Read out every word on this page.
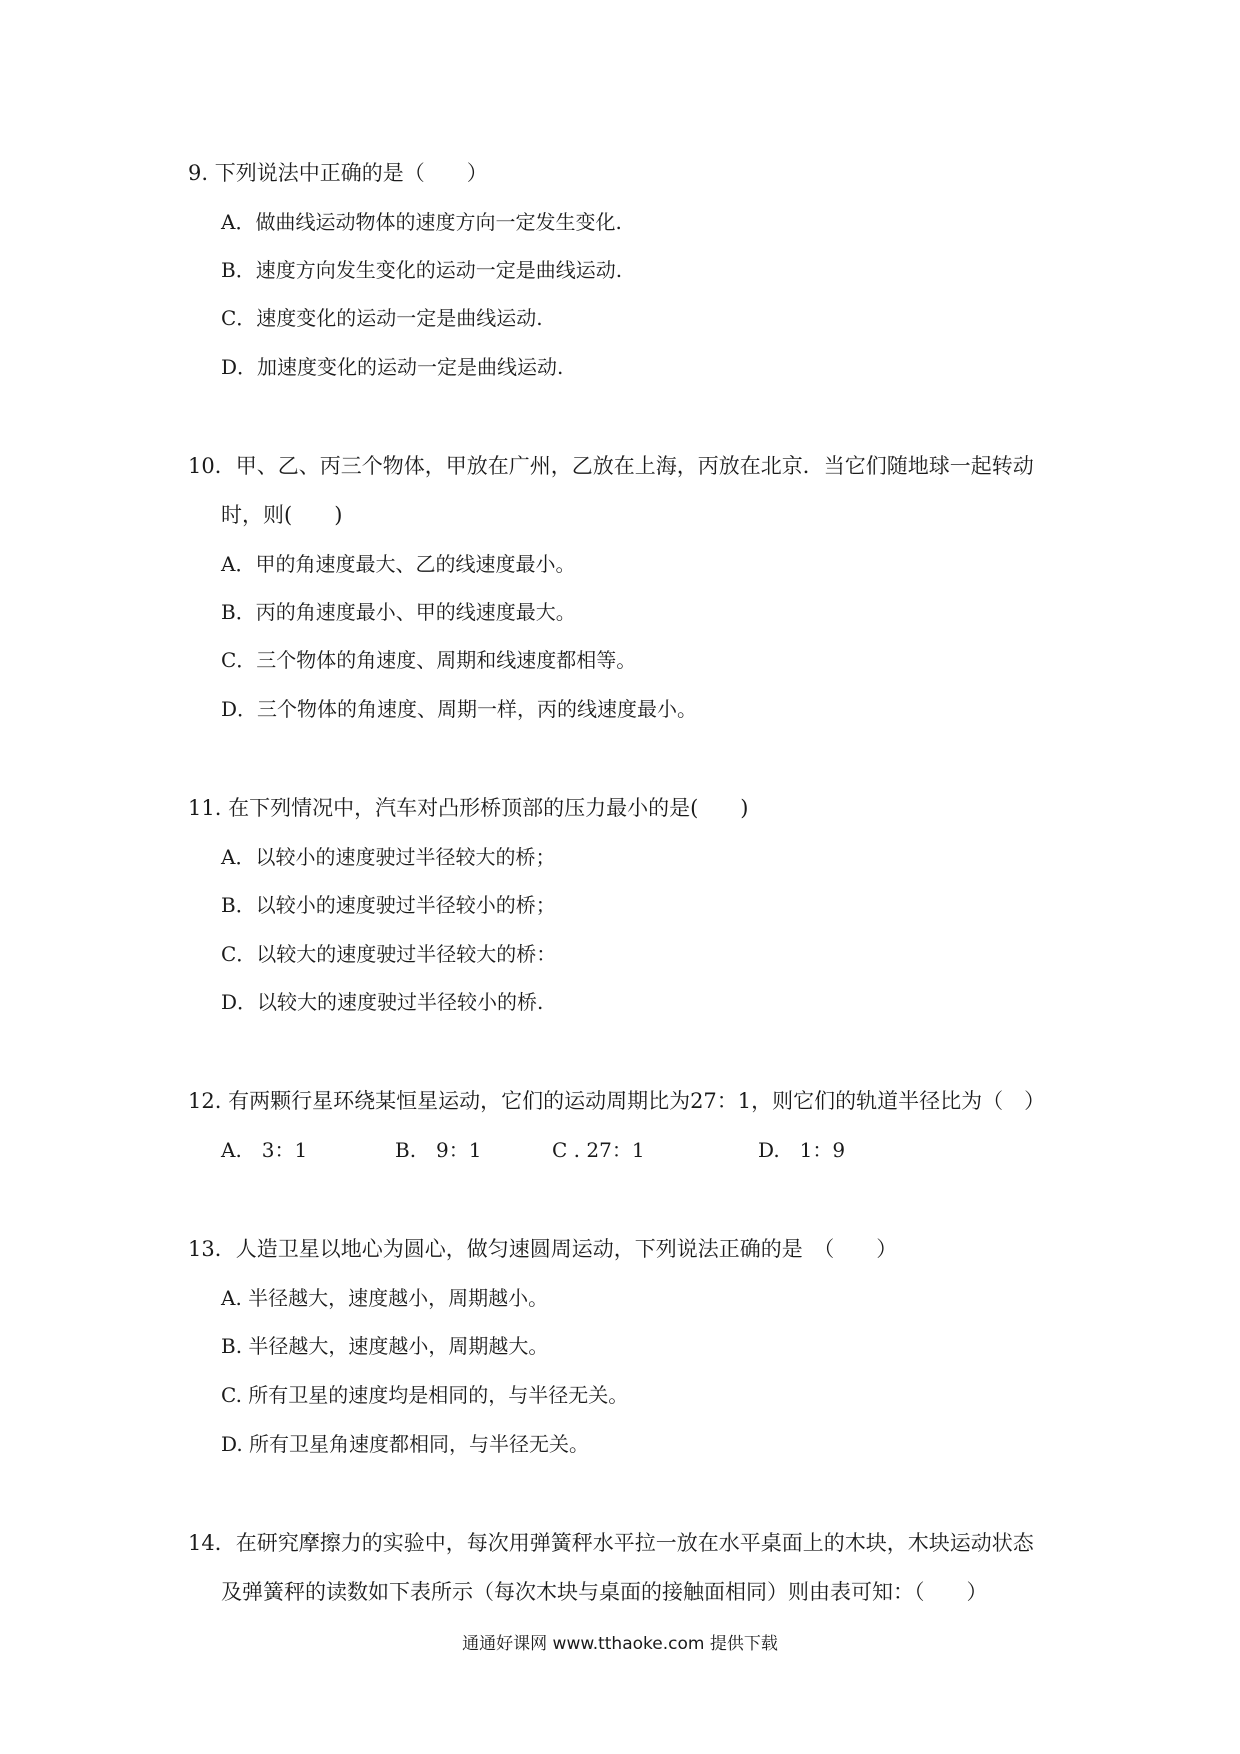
9. 下列说法中正确的是（　　）
A．做曲线运动物体的速度方向一定发生变化.
B．速度方向发生变化的运动一定是曲线运动.
C．速度变化的运动一定是曲线运动.
D．加速度变化的运动一定是曲线运动.
10．甲、乙、丙三个物体，甲放在广州，乙放在上海，丙放在北京．当它们随地球一起转动
时，则(　　)
A．甲的角速度最大、乙的线速度最小。
B．丙的角速度最小、甲的线速度最大。
C．三个物体的角速度、周期和线速度都相等。
D．三个物体的角速度、周期一样，丙的线速度最小。
11. 在下列情况中，汽车对凸形桥顶部的压力最小的是(　　)
A．以较小的速度驶过半径较大的桥；
B．以较小的速度驶过半径较小的桥；
C．以较大的速度驶过半径较大的桥：
D．以较大的速度驶过半径较小的桥.
12. 有两颗行星环绕某恒星运动，它们的运动周期比为27：1，则它们的轨道半径比为（　）
A.　3：1	B.　9：1	C . 27：1	D.　1：9
13．人造卫星以地心为圆心，做匀速圆周运动，下列说法正确的是　（　　）
A. 半径越大，速度越小，周期越小。
B. 半径越大，速度越小，周期越大。
C. 所有卫星的速度均是相同的，与半径无关。
D. 所有卫星角速度都相同，与半径无关。
14．在研究摩擦力的实验中，每次用弹簧秤水平拉一放在水平桌面上的木块，木块运动状态
及弹簧秤的读数如下表所示（每次木块与桌面的接触面相同）则由表可知：（　　）
通通好课网 www.tthaoke.com 提供下载
